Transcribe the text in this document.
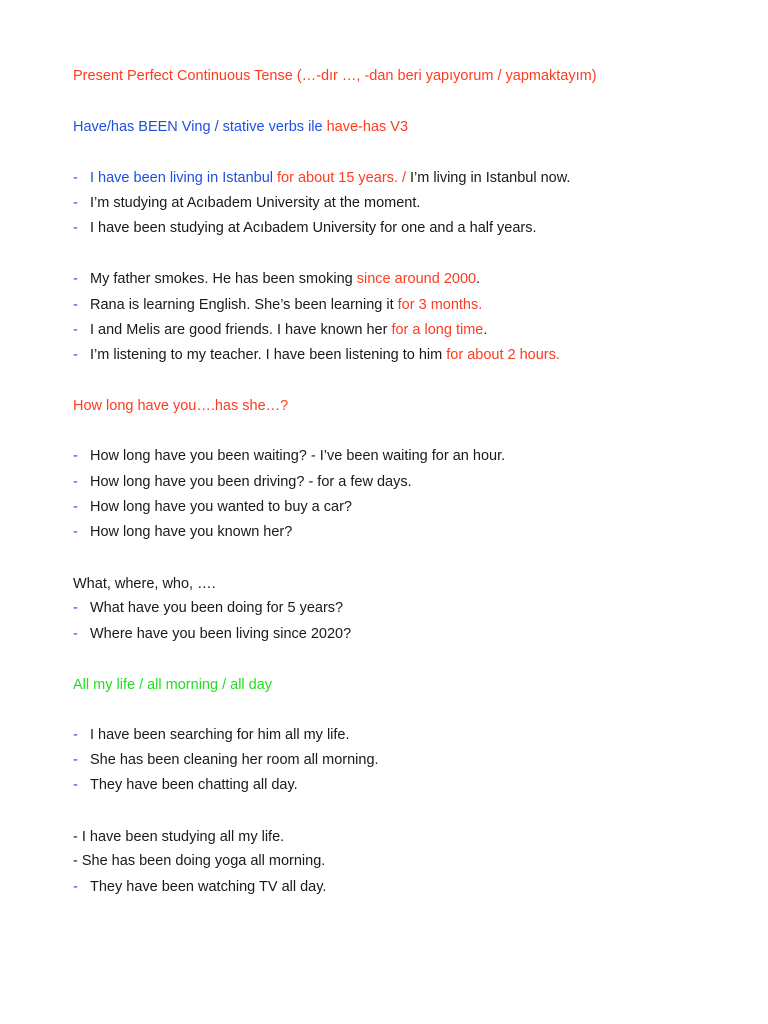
Present Perfect Continuous Tense (…-dır …, -dan beri yapıyorum / yapmaktayım)
Have/has BEEN Ving / stative verbs ile have-has V3
- I have been living in Istanbul for about 15 years. / I’m living in Istanbul now.
- I’m studying at Acıbadem University at the moment.
- I have been studying at Acıbadem University for one and a half years.
- My father smokes. He has been smoking since around 2000.
- Rana is learning English. She’s been learning it for 3 months.
- I and Melis are good friends. I have known her for a long time.
- I’m listening to my teacher. I have been listening to him for about 2 hours.
How long have you….has she…?
- How long have you been waiting? - I’ve been waiting for an hour.
- How long have you been driving? - for a few days.
- How long have you wanted to buy a car?
- How long have you known her?
What, where, who, ….
- What have you been doing for 5 years?
- Where have you been living since 2020?
All my life / all morning / all day
- I have been searching for him all my life.
- She has been cleaning her room all morning.
- They have been chatting all day.
- I have been studying all my life.
- She has been doing yoga all morning.
- They have been watching TV all day.
